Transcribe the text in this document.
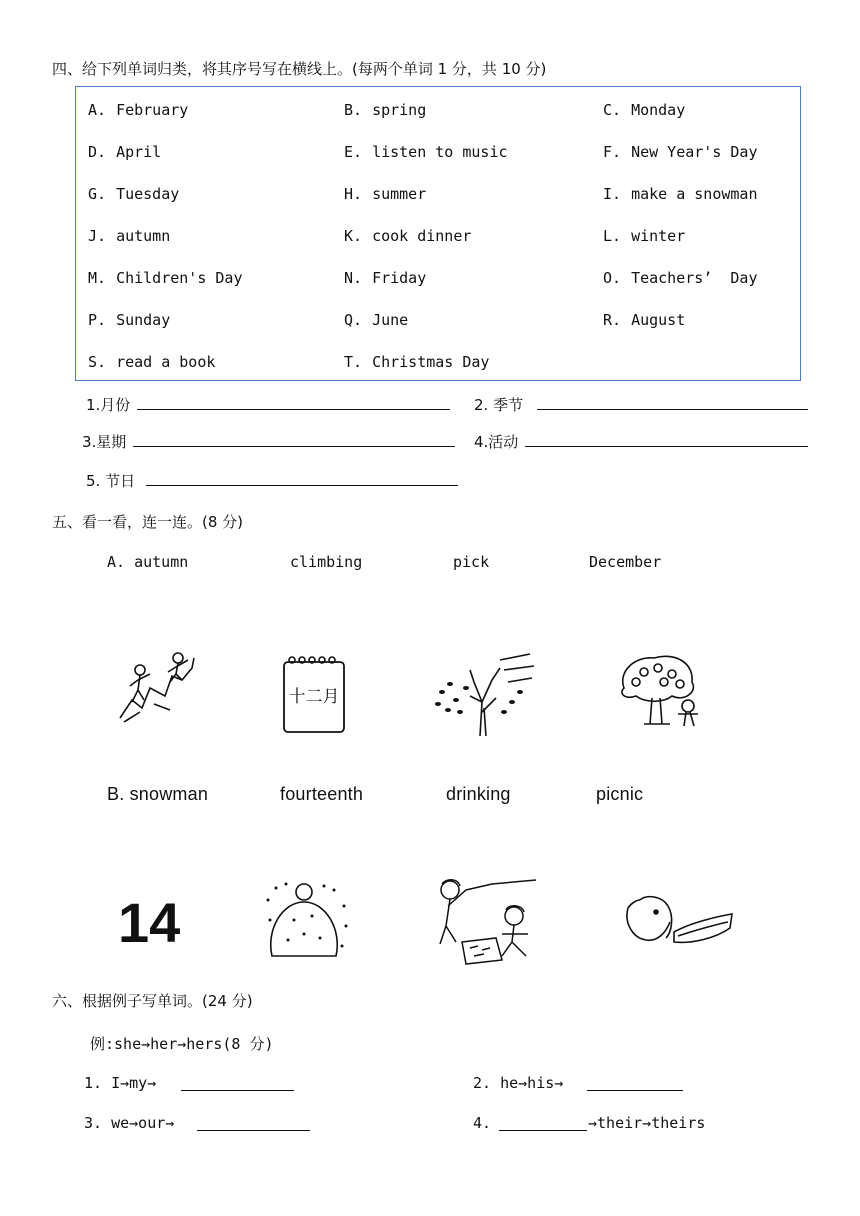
四、给下列单词归类，将其序号写在横线上。(每两个单词 1 分，共 10 分)
A. February	B. spring	C. Monday
D. April	E. listen to music	F. New Year's Day
G. Tuesday	H. summer	I. make a snowman
J. autumn	K. cook dinner	L. winter
M. Children's Day	N. Friday	O. Teachers’  Day
P. Sunday	Q. June	R. August
S. read a book	T. Christmas Day
1.月份	2. 季节
3.星期	4.活动
5. 节日
五、看一看，连一连。(8 分)
A. autumn	climbing	pick	December
十二月
B. snowman	fourteenth	drinking	picnic
14
六、根据例子写单词。(24 分)
例:she→her→hers(8 分)
1. I→my→	2. he→his→
3. we→our→	4.	→their→theirs
